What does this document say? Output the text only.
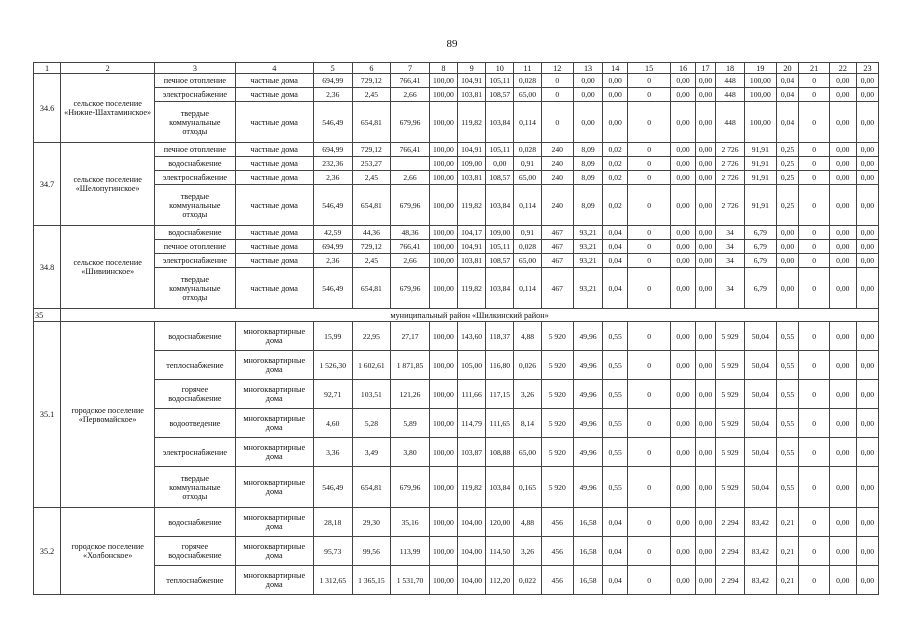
89
1	2	3	4	5	6	7	8	9	10	11	12	13	14	15	16	17	18	19	20	21	22	23
34.6	сельское поселение «Нижне-Шахтаминское»	печное отопление	частные дома	694,99	729,12	766,41	100,00	104,91	105,11	0,028	0	0,00	0,00	0	0,00	0,00	448	100,00	0,04	0	0,00	0,00
		электроснабжение	частные дома	2,36	2,45	2,66	100,00	103,81	108,57	65,00	0	0,00	0,00	0	0,00	0,00	448	100,00	0,04	0	0,00	0,00
		твердые коммунальные отходы	частные дома	546,49	654,81	679,96	100,00	119,82	103,84	0,114	0	0,00	0,00	0	0,00	0,00	448	100,00	0,04	0	0,00	0,00
34.7	сельское поселение «Шелопугинское»	печное отопление	частные дома	694,99	729,12	766,41	100,00	104,91	105,11	0,028	240	8,09	0,02	0	0,00	0,00	2 726	91,91	0,25	0	0,00	0,00
		водоснабжение	частные дома	232,36	253,27		100,00	109,00	0,00	0,91	240	8,09	0,02	0	0,00	0,00	2 726	91,91	0,25	0	0,00	0,00
		электроснабжение	частные дома	2,36	2,45	2,66	100,00	103,81	108,57	65,00	240	8,09	0,02	0	0,00	0,00	2 726	91,91	0,25	0	0,00	0,00
		твердые коммунальные отходы	частные дома	546,49	654,81	679,96	100,00	119,82	103,84	0,114	240	8,09	0,02	0	0,00	0,00	2 726	91,91	0,25	0	0,00	0,00
34.8	сельское поселение «Шивиинское»	водоснабжение	частные дома	42,59	44,36	48,36	100,00	104,17	109,00	0,91	467	93,21	0,04	0	0,00	0,00	34	6,79	0,00	0	0,00	0,00
		печное отопление	частные дома	694,99	729,12	766,41	100,00	104,91	105,11	0,028	467	93,21	0,04	0	0,00	0,00	34	6,79	0,00	0	0,00	0,00
		электроснабжение	частные дома	2,36	2,45	2,66	100,00	103,81	108,57	65,00	467	93,21	0,04	0	0,00	0,00	34	6,79	0,00	0	0,00	0,00
		твердые коммунальные отходы	частные дома	546,49	654,81	679,96	100,00	119,82	103,84	0,114	467	93,21	0,04	0	0,00	0,00	34	6,79	0,00	0	0,00	0,00
35	муниципальный район «Шилкинский район»																					
35.1	городское поселение «Первомайское»	водоснабжение	многоквартирные дома	15,99	22,95	27,17	100,00	143,60	118,37	4,88	5 920	49,96	0,55	0	0,00	0,00	5 929	50,04	0,55	0	0,00	0,00
		теплоснабжение	многоквартирные дома	1 526,30	1 602,61	1 871,85	100,00	105,00	116,80	0,026	5 920	49,96	0,55	0	0,00	0,00	5 929	50,04	0,55	0	0,00	0,00
		горячее водоснабжение	многоквартирные дома	92,71	103,51	121,26	100,00	111,66	117,15	3,26	5 920	49,96	0,55	0	0,00	0,00	5 929	50,04	0,55	0	0,00	0,00
		водоотведение	многоквартирные дома	4,60	5,28	5,89	100,00	114,79	111,65	8,14	5 920	49,96	0,55	0	0,00	0,00	5 929	50,04	0,55	0	0,00	0,00
		электроснабжение	многоквартирные дома	3,36	3,49	3,80	100,00	103,87	108,88	65,00	5 920	49,96	0,55	0	0,00	0,00	5 929	50,04	0,55	0	0,00	0,00
		твердые коммунальные отходы	многоквартирные дома	546,49	654,81	679,96	100,00	119,82	103,84	0,165	5 920	49,96	0,55	0	0,00	0,00	5 929	50,04	0,55	0	0,00	0,00
35.2	городское поселение «Холбонское»	водоснабжение	многоквартирные дома	28,18	29,30	35,16	100,00	104,00	120,00	4,88	456	16,58	0,04	0	0,00	0,00	2 294	83,42	0,21	0	0,00	0,00
		горячее водоснабжение	многоквартирные дома	95,73	99,56	113,99	100,00	104,00	114,50	3,26	456	16,58	0,04	0	0,00	0,00	2 294	83,42	0,21	0	0,00	0,00
		теплоснабжение	многоквартирные дома	1 312,65	1 365,15	1 531,70	100,00	104,00	112,20	0,022	456	16,58	0,04	0	0,00	0,00	2 294	83,42	0,21	0	0,00	0,00
